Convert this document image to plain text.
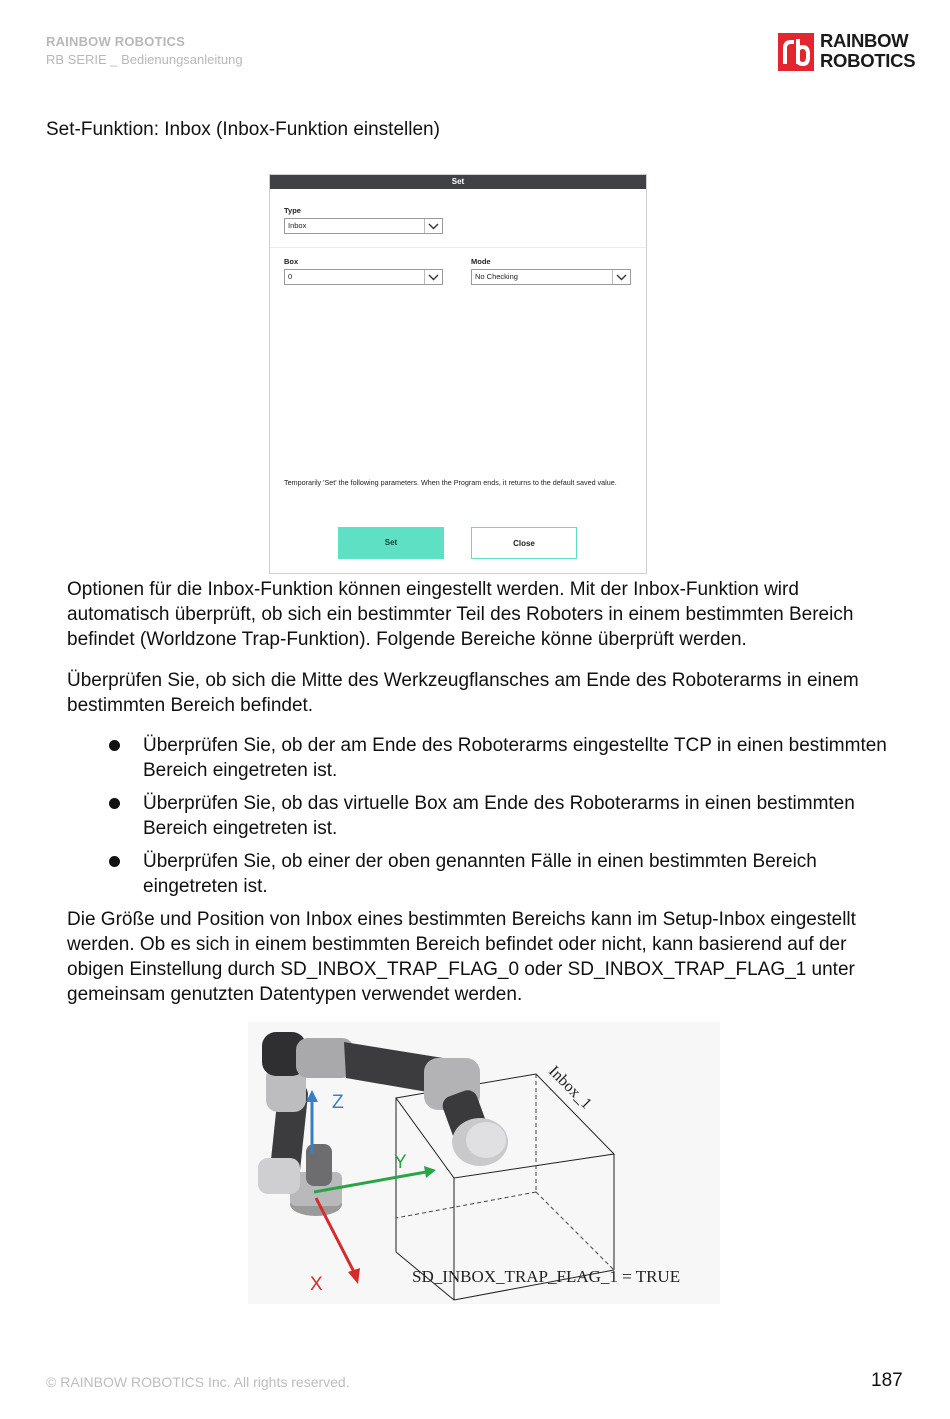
RAINBOW ROBOTICS
RB SERIE _ Bedienungsanleitung
RAINBOW
ROBOTICS
Set-Funktion: Inbox (Inbox-Funktion einstellen)
Set
Type
Inbox
Box
0
Mode
No Checking
Temporarily 'Set' the following parameters. When the Program ends, it returns to the default saved value.
Set	Close
Optionen für die Inbox-Funktion können eingestellt werden. Mit der Inbox-Funktion wird automatisch überprüft, ob sich ein bestimmter Teil des Roboters in einem bestimmten Bereich befindet (Worldzone Trap-Funktion). Folgende Bereiche könne überprüft werden.
Überprüfen Sie, ob sich die Mitte des Werkzeugflansches am Ende des Roboterarms in einem bestimmten Bereich befindet.
Überprüfen Sie, ob der am Ende des Roboterarms eingestellte TCP in einen bestimmten Bereich eingetreten ist.
Überprüfen Sie, ob das virtuelle Box am Ende des Roboterarms in einen bestimmten Bereich eingetreten ist.
Überprüfen Sie, ob einer der oben genannten Fälle in einen bestimmten Bereich eingetreten ist.
Die Größe und Position von Inbox eines bestimmten Bereichs kann im Setup-Inbox eingestellt werden. Ob es sich in einem bestimmten Bereich befindet oder nicht, kann basierend auf der obigen Einstellung durch SD_INBOX_TRAP_FLAG_0 oder SD_INBOX_TRAP_FLAG_1 unter gemeinsam genutzten Datentypen verwendet werden.
Z
Y
X
Inbox_1
SD_INBOX_TRAP_FLAG_1 = TRUE
© RAINBOW ROBOTICS Inc. All rights reserved.	187
